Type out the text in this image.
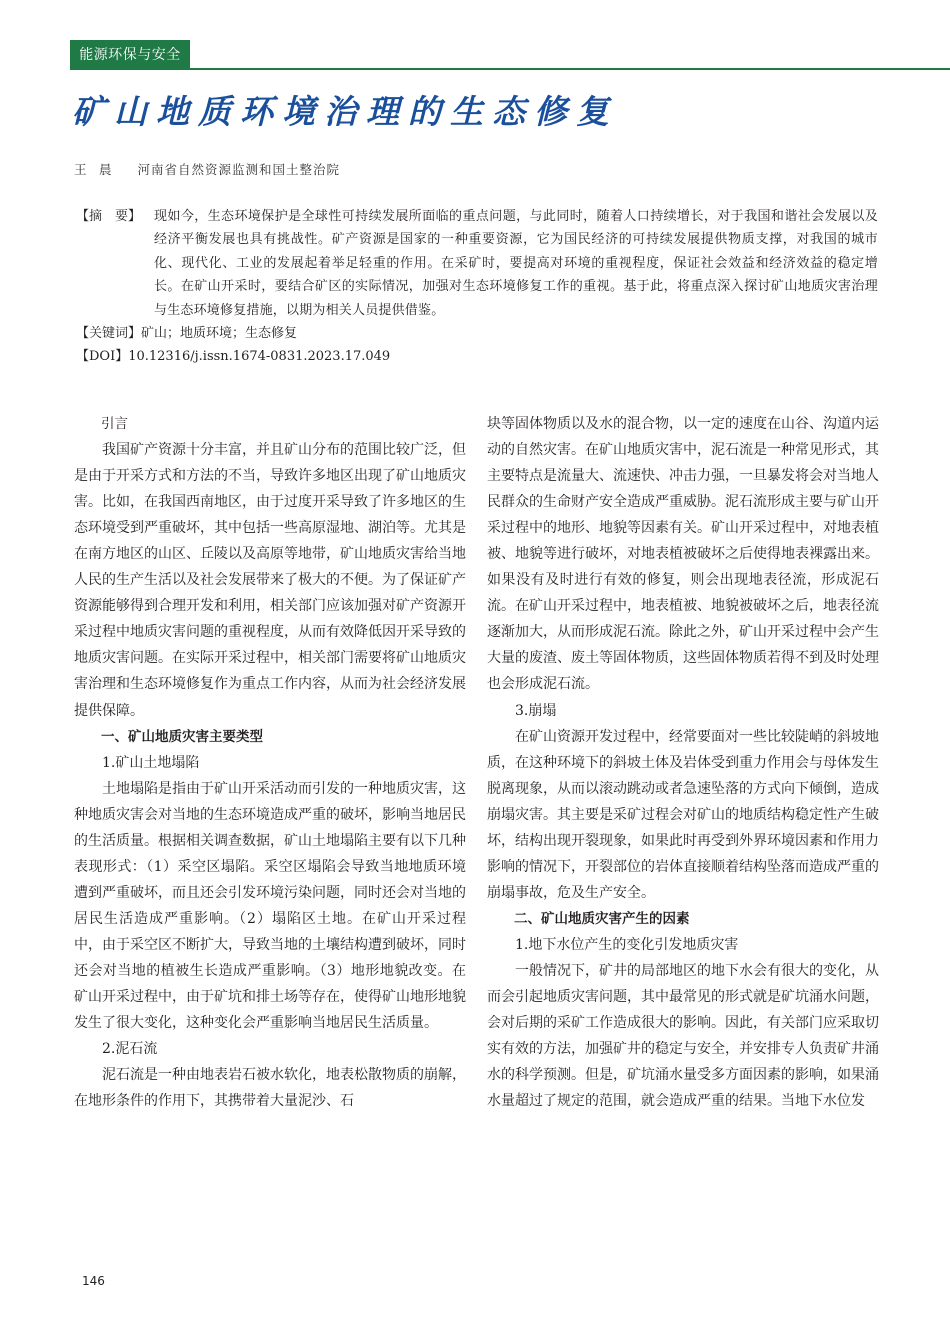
能源环保与安全
矿山地质环境治理的生态修复
王　晨 河南省自然资源监测和国土整治院
【摘　要】 现如今，生态环境保护是全球性可持续发展所面临的重点问题，与此同时，随着人口持续增长，对于我国和谐社会发展以及经济平衡发展也具有挑战性。矿产资源是国家的一种重要资源，它为国民经济的可持续发展提供物质支撑，对我国的城市化、现代化、工业的发展起着举足轻重的作用。在采矿时，要提高对环境的重视程度，保证社会效益和经济效益的稳定增长。在矿山开采时，要结合矿区的实际情况，加强对生态环境修复工作的重视。基于此，将重点深入探讨矿山地质灾害治理与生态环境修复措施，以期为相关人员提供借鉴。
【关键词】矿山；地质环境；生态修复
【DOI】10.12316/j.issn.1674-0831.2023.17.049
引言

我国矿产资源十分丰富，并且矿山分布的范围比较广泛，但是由于开采方式和方法的不当，导致许多地区出现了矿山地质灾害。比如，在我国西南地区，由于过度开采导致了许多地区的生态环境受到严重破坏，其中包括一些高原湿地、湖泊等。尤其是在南方地区的山区、丘陵以及高原等地带，矿山地质灾害给当地人民的生产生活以及社会发展带来了极大的不便。为了保证矿产资源能够得到合理开发和利用，相关部门应该加强对矿产资源开采过程中地质灾害问题的重视程度，从而有效降低因开采导致的地质灾害问题。在实际开采过程中，相关部门需要将矿山地质灾害治理和生态环境修复作为重点工作内容，从而为社会经济发展提供保障。

一、矿山地质灾害主要类型
1.矿山土地塌陷

土地塌陷是指由于矿山开采活动而引发的一种地质灾害，这种地质灾害会对当地的生态环境造成严重的破坏，影响当地居民的生活质量。根据相关调查数据，矿山土地塌陷主要有以下几种表现形式：（1）采空区塌陷。采空区塌陷会导致当地地质环境遭到严重破坏，而且还会引发环境污染问题，同时还会对当地的居民生活造成严重影响。（2）塌陷区土地。在矿山开采过程中，由于采空区不断扩大，导致当地的土壤结构遭到破坏，同时还会对当地的植被生长造成严重影响。（3）地形地貌改变。在矿山开采过程中，由于矿坑和排土场等存在，使得矿山地形地貌发生了很大变化，这种变化会严重影响当地居民生活质量。

2.泥石流

泥石流是一种由地表岩石被水软化，地表松散物质的崩解，在地形条件的作用下，其携带着大量泥沙、石

块等固体物质以及水的混合物，以一定的速度在山谷、沟道内运动的自然灾害。在矿山地质灾害中，泥石流是一种常见形式，其主要特点是流量大、流速快、冲击力强，一旦暴发将会对当地人民群众的生命财产安全造成严重威胁。泥石流形成主要与矿山开采过程中的地形、地貌等因素有关。矿山开采过程中，对地表植被、地貌等进行破坏，对地表植被破坏之后使得地表裸露出来。如果没有及时进行有效的修复，则会出现地表径流，形成泥石流。在矿山开采过程中，地表植被、地貌被破坏之后，地表径流逐渐加大，从而形成泥石流。除此之外，矿山开采过程中会产生大量的废渣、废土等固体物质，这些固体物质若得不到及时处理也会形成泥石流。

3.崩塌

在矿山资源开发过程中，经常要面对一些比较陡峭的斜坡地质，在这种环境下的斜坡土体及岩体受到重力作用会与母体发生脱离现象，从而以滚动跳动或者急速坠落的方式向下倾倒，造成崩塌灾害。其主要是采矿过程会对矿山的地质结构稳定性产生破坏，结构出现开裂现象，如果此时再受到外界环境因素和作用力影响的情况下，开裂部位的岩体直接顺着结构坠落而造成严重的崩塌事故，危及生产安全。

二、矿山地质灾害产生的因素
1.地下水位产生的变化引发地质灾害

一般情况下，矿井的局部地区的地下水会有很大的变化，从而会引起地质灾害问题，其中最常见的形式就是矿坑涌水问题，会对后期的采矿工作造成很大的影响。因此，有关部门应采取切实有效的方法，加强矿井的稳定与安全，并安排专人负责矿井涌水的科学预测。但是，矿坑涌水量受多方面因素的影响，如果涌水量超过了规定的范围，就会造成严重的结果。当地下水位发

146
